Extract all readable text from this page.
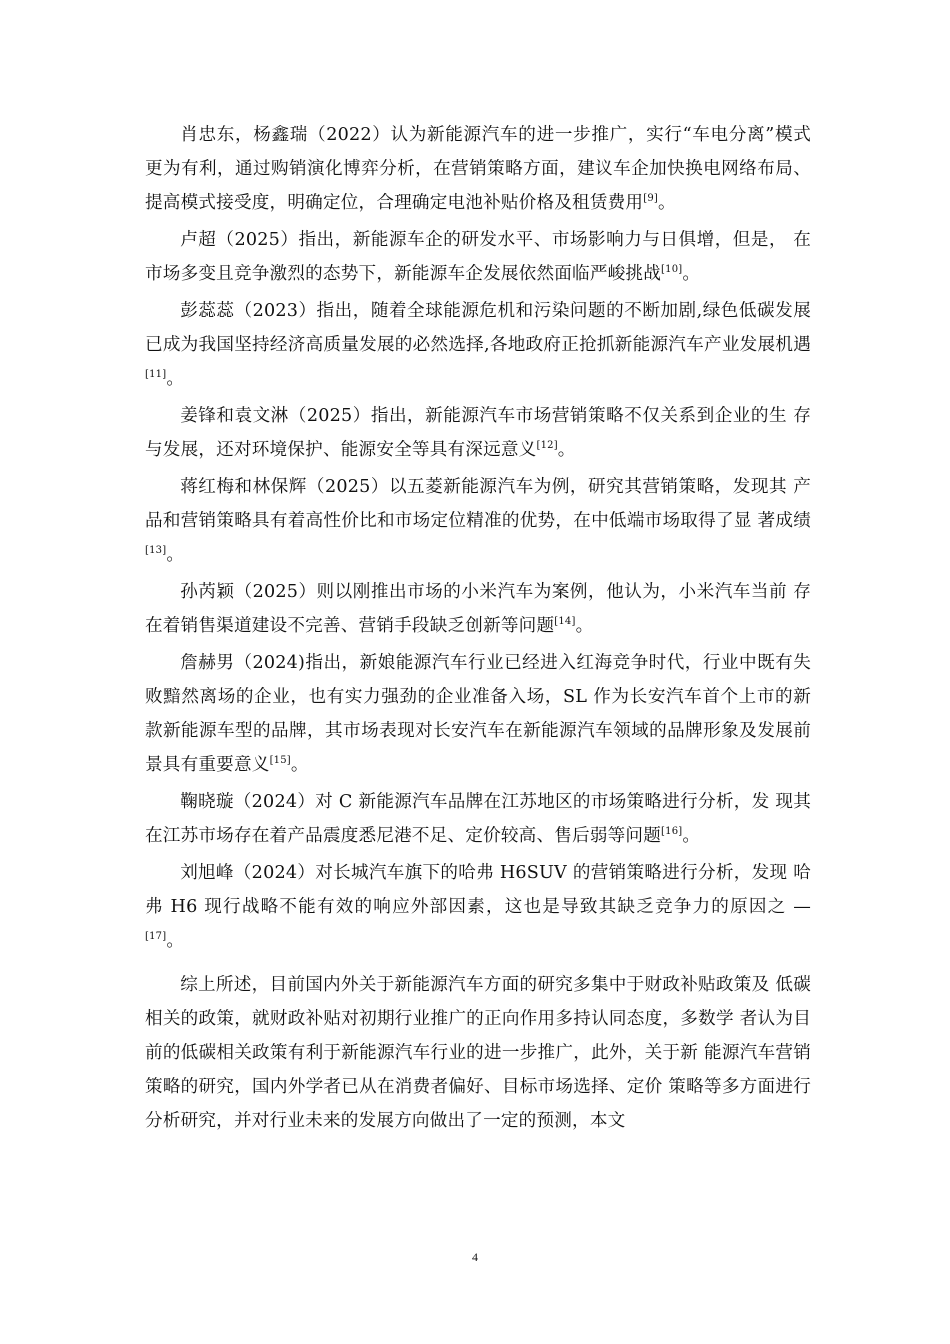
肖忠东，杨鑫瑞（2022）认为新能源汽车的进一步推广，实行“车电分离”模式更为有利，通过购销演化博弈分析，在营销策略方面，建议车企加快换电网络布局、提高模式接受度，明确定位，合理确定电池补贴价格及租赁费用[9]。

卢超（2025）指出，新能源车企的研发水平、市场影响力与日俱增，但是， 在市场多变且竞争激烈的态势下，新能源车企发展依然面临严峻挑战[10]。

彭蕊蕊（2023）指出，随着全球能源危机和污染问题的不断加剧,绿色低碳发展已成为我国坚持经济高质量发展的必然选择,各地政府正抢抓新能源汽车产业发展机遇[11]。

姜锋和袁文淋（2025）指出，新能源汽车市场营销策略不仅关系到企业的生 存与发展，还对环境保护、能源安全等具有深远意义[12]。

蒋红梅和林保辉（2025）以五菱新能源汽车为例，研究其营销策略，发现其 产品和营销策略具有着高性价比和市场定位精准的优势，在中低端市场取得了显 著成绩[13]。

孙芮颖（2025）则以刚推出市场的小米汽车为案例，他认为，小米汽车当前 存在着销售渠道建设不完善、营销手段缺乏创新等问题[14]。

詹赫男（2024)指出，新娘能源汽车行业已经进入红海竞争时代，行业中既有失败黯然离场的企业，也有实力强劲的企业准备入场，SL 作为长安汽车首个上市的新款新能源车型的品牌，其市场表现对长安汽车在新能源汽车领域的品牌形象及发展前景具有重要意义[15]。

鞠晓璇（2024）对 C 新能源汽车品牌在江苏地区的市场策略进行分析，发 现其在江苏市场存在着产品震度悉尼港不足、定价较高、售后弱等问题[16]。

刘旭峰（2024）对长城汽车旗下的哈弗 H6SUV 的营销策略进行分析，发现 哈弗 H6 现行战略不能有效的响应外部因素，这也是导致其缺乏竞争力的原因之 —[17]。

综上所述，目前国内外关于新能源汽车方面的研究多集中于财政补贴政策及 低碳相关的政策，就财政补贴对初期行业推广的正向作用多持认同态度，多数学 者认为目前的低碳相关政策有利于新能源汽车行业的进一步推广，此外，关于新 能源汽车营销策略的研究，国内外学者已从在消费者偏好、目标市场选择、定价 策略等多方面进行分析研究，并对行业未来的发展方向做出了一定的预测，本文

4
